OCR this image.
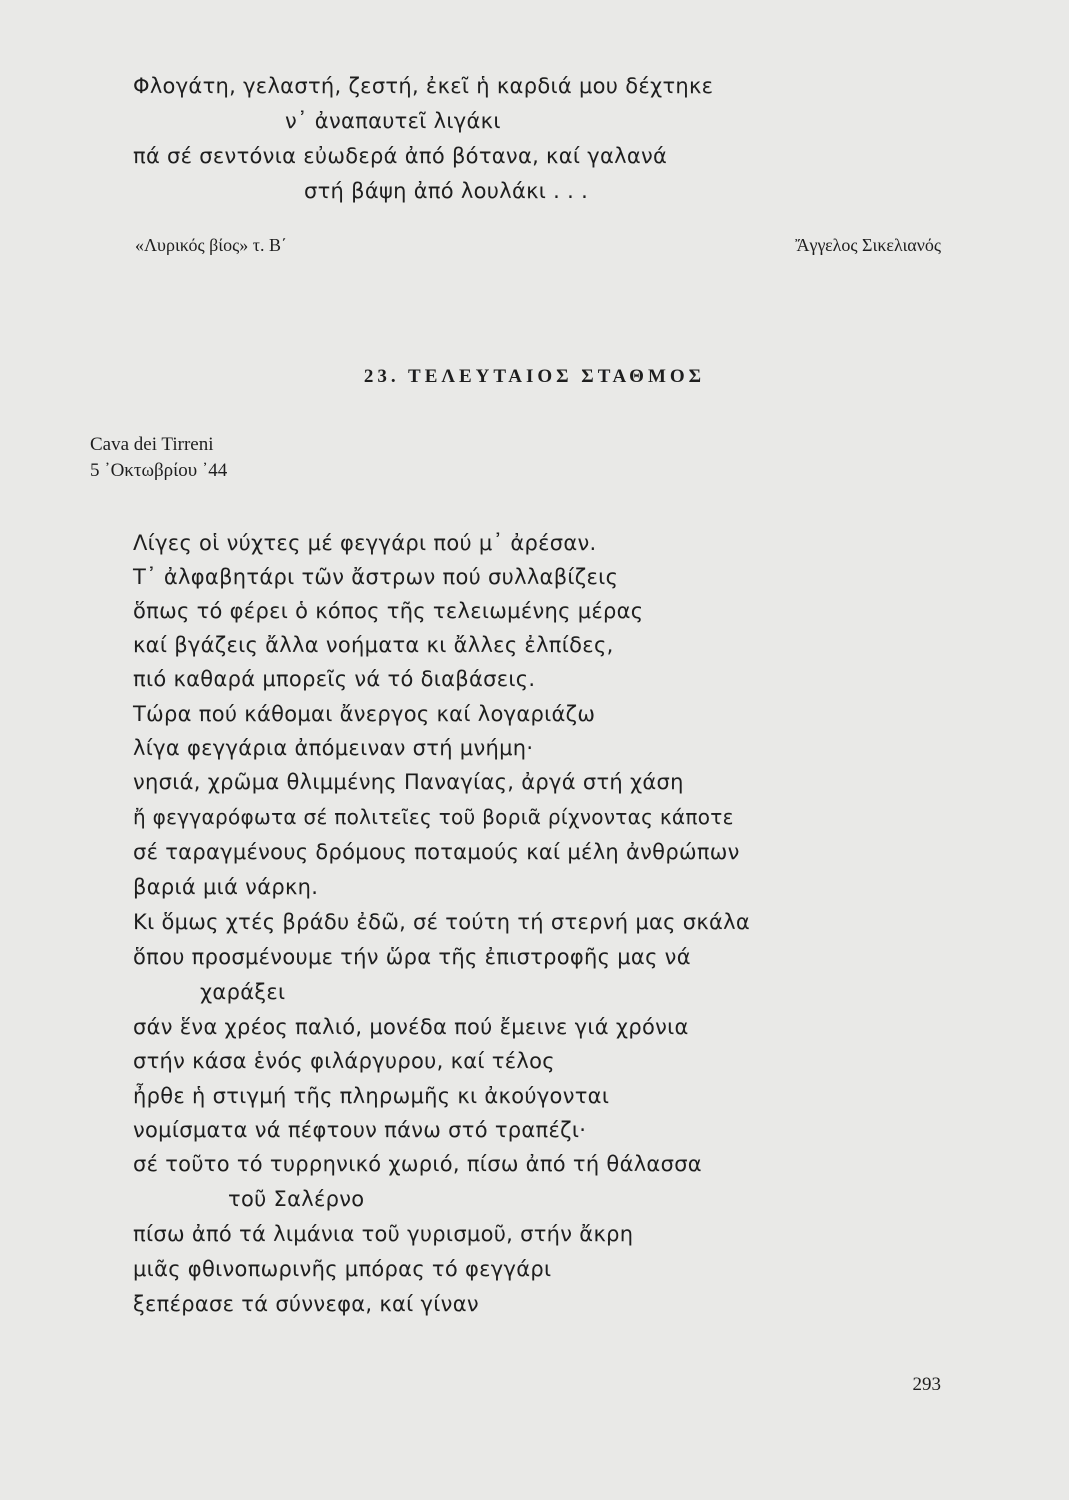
Φλογάτη, γελαστή, ζεστή, ἐκεῖ ἡ καρδιά μου δέχτηκε
ν᾽ ἀναπαυτεῖ λιγάκι
πά σέ σεντόνια εὐωδερά ἀπό βότανα, καί γαλανά
στή βάψη ἀπό λουλάκι . . .
«Λυρικός βίος» τ. Β΄	Ἄγγελος Σικελιανός
23. ΤΕΛΕΥΤΑΙΟΣ ΣΤΑΘΜΟΣ
Cava dei Tirreni
5 ᾽Οκτωβρίου ᾽44
Λίγες οἱ νύχτες μέ φεγγάρι πού μ᾽ ἀρέσαν.
Τ᾽ ἀλφαβητάρι τῶν ἄστρων πού συλλαβίζεις
ὅπως τό φέρει ὁ κόπος τῆς τελειωμένης μέρας
καί βγάζεις ἄλλα νοήματα κι ἄλλες ἐλπίδες,
πιό καθαρά μπορεῖς νά τό διαβάσεις.
Τώρα πού κάθομαι ἄνεργος καί λογαριάζω
λίγα φεγγάρια ἀπόμειναν στή μνήμη·
νησιά, χρῶμα θλιμμένης Παναγίας, ἀργά στή χάση
ἤ φεγγαρόφωτα σέ πολιτεῖες τοῦ βοριᾶ ρίχνοντας κάποτε
σέ ταραγμένους δρόμους ποταμούς καί μέλη ἀνθρώπων
βαριά μιά νάρκη.
Κι ὅμως χτές βράδυ ἐδῶ, σέ τούτη τή στερνή μας σκάλα
ὅπου προσμένουμε τήν ὥρα τῆς ἐπιστροφῆς μας νά
χαράξει
σάν ἕνα χρέος παλιό, μονέδα πού ἔμεινε γιά χρόνια
στήν κάσα ἑνός φιλάργυρου, καί τέλος
ἦρθε ἡ στιγμή τῆς πληρωμῆς κι ἀκούγονται
νομίσματα νά πέφτουν πάνω στό τραπέζι·
σέ τοῦτο τό τυρρηνικό χωριό, πίσω ἀπό τή θάλασσα
τοῦ Σαλέρνο
πίσω ἀπό τά λιμάνια τοῦ γυρισμοῦ, στήν ἄκρη
μιᾶς φθινοπωρινῆς μπόρας τό φεγγάρι
ξεπέρασε τά σύννεφα, καί γίναν
293
